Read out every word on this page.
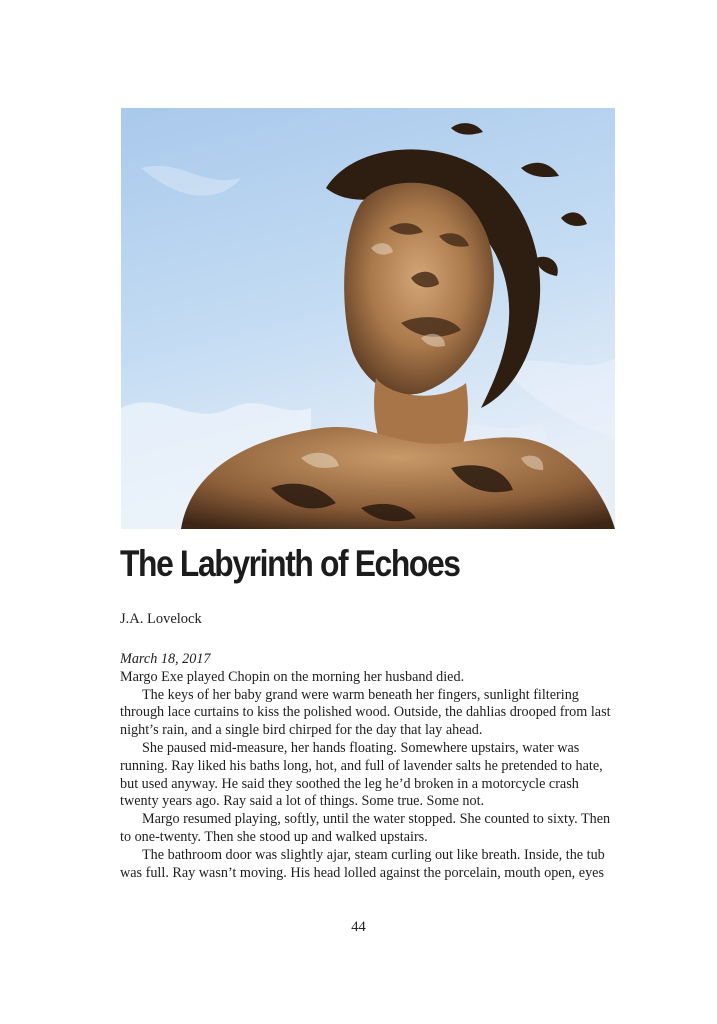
The Labyrinth of Echoes
J.A. Lovelock

March 18, 2017

Margo Exe played Chopin on the morning her husband died.

The keys of her baby grand were warm beneath her fingers, sunlight filtering through lace curtains to kiss the polished wood. Outside, the dahlias drooped from last night’s rain, and a single bird chirped for the day that lay ahead.

She paused mid-measure, her hands floating. Somewhere upstairs, water was running. Ray liked his baths long, hot, and full of lavender salts he pretended to hate, but used anyway. He said they soothed the leg he’d broken in a motorcycle crash twenty years ago. Ray said a lot of things. Some true. Some not.

Margo resumed playing, softly, until the water stopped. She counted to sixty. Then to one-twenty. Then she stood up and walked upstairs.

The bathroom door was slightly ajar, steam curling out like breath. Inside, the tub was full. Ray wasn’t moving. His head lolled against the porcelain, mouth open, eyes

44
